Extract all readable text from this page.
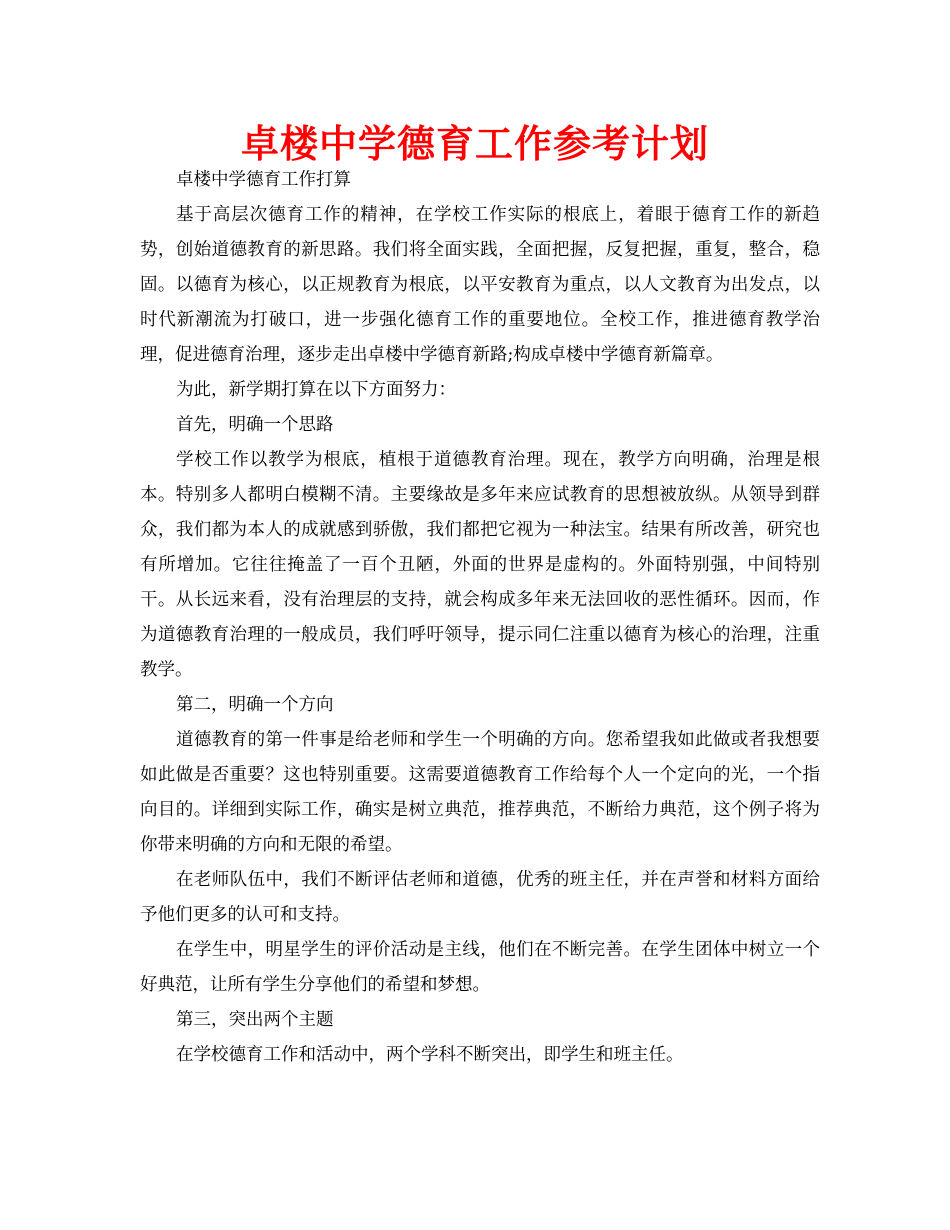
卓楼中学德育工作参考计划

卓楼中学德育工作打算

基于高层次德育工作的精神，在学校工作实际的根底上，着眼于德育工作的新趋势，创始道德教育的新思路。我们将全面实践，全面把握，反复把握，重复，整合，稳固。以德育为核心，以正规教育为根底，以平安教育为重点，以人文教育为出发点，以时代新潮流为打破口，进一步强化德育工作的重要地位。全校工作，推进德育教学治理，促进德育治理，逐步走出卓楼中学德育新路;构成卓楼中学德育新篇章。

为此，新学期打算在以下方面努力：

首先，明确一个思路

学校工作以教学为根底，植根于道德教育治理。现在，教学方向明确，治理是根本。特别多人都明白模糊不清。主要缘故是多年来应试教育的思想被放纵。从领导到群众，我们都为本人的成就感到骄傲，我们都把它视为一种法宝。结果有所改善，研究也有所增加。它往往掩盖了一百个丑陋，外面的世界是虚构的。外面特别强，中间特别干。从长远来看，没有治理层的支持，就会构成多年来无法回收的恶性循环。因而，作为道德教育治理的一般成员，我们呼吁领导，提示同仁注重以德育为核心的治理，注重教学。

第二，明确一个方向

道德教育的第一件事是给老师和学生一个明确的方向。您希望我如此做或者我想要如此做是否重要？这也特别重要。这需要道德教育工作给每个人一个定向的光，一个指向目的。详细到实际工作，确实是树立典范，推荐典范，不断给力典范，这个例子将为你带来明确的方向和无限的希望。

在老师队伍中，我们不断评估老师和道德，优秀的班主任，并在声誉和材料方面给予他们更多的认可和支持。

在学生中，明星学生的评价活动是主线，他们在不断完善。在学生团体中树立一个好典范，让所有学生分享他们的希望和梦想。

第三，突出两个主题

在学校德育工作和活动中，两个学科不断突出，即学生和班主任。
